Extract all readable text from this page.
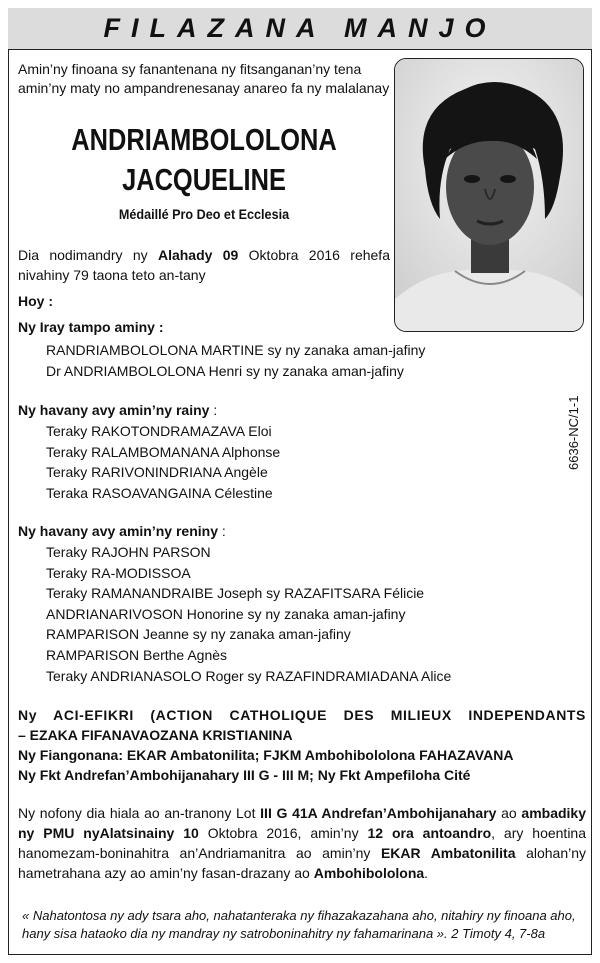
FILAZANA MANJO
Amin’ny finoana sy fanantenana ny fitsanganan’ny tena amin’ny maty no ampandrenesanay anareo fa ny malalanay
ANDRIAMBOLOLONA
JACQUELINE
Médaillé Pro Deo et Ecclesia
Dia nodimandry ny Alahady 09 Oktobra 2016 rehefa nivahiny 79 taona teto an-tany
Hoy :
Ny Iray tampo aminy :
RANDRIAMBOLOLONA MARTINE sy ny zanaka aman-jafiny
Dr ANDRIAMBOLOLONA Henri sy ny zanaka aman-jafiny
Ny havany avy amin’ny rainy :
Teraky RAKOTONDRAMAZAVA Eloi
Teraky RALAMBOMANANA Alphonse
Teraky RARIVONINDRIANA Angèle
Teraka RASOAVANGAINA Célestine
Ny havany avy amin’ny reniny :
Teraky RAJOHN PARSON
Teraky RA-MODISSOA
Teraky RAMANANDRAIBE Joseph sy RAZAFITSARA Félicie
ANDRIANARIVOSON Honorine sy ny zanaka aman-jafiny
RAMPARISON Jeanne sy ny zanaka aman-jafiny
RAMPARISON Berthe Agnès
Teraky ANDRIANASOLO Roger sy RAZAFINDRAMIADANA Alice
6636-NC/1-1
Ny ACI-EFIKRI (ACTION CATHOLIQUE DES MILIEUX INDEPENDANTS
– EZAKA FIFANAVAOZANA KRISTIANINA
Ny Fiangonana: EKAR Ambatonilita; FJKM Ambohibololona FAHAZAVANA
Ny Fkt Andrefan’Ambohijanahary III G - III M; Ny Fkt Ampefiloha Cité
Ny nofony dia hiala ao an-tranony Lot III G 41A Andrefan’Ambohijanahary ao ambadiky ny PMU nyAlatsinainy 10 Oktobra 2016, amin’ny 12 ora antoandro, ary hoentina hanomezam-boninahitra an’Andriamanitra ao amin’ny EKAR Ambatonilita alohan’ny hametrahana azy ao amin’ny fasan-drazany ao Ambohibololona.
« Nahatontosa ny ady tsara aho, nahatanteraka ny fihazakazahana aho, nitahiry ny finoana aho, hany sisa hataoko dia ny mandray ny satroboninahitry ny fahamarinana ». 2 Timoty 4, 7-8a
